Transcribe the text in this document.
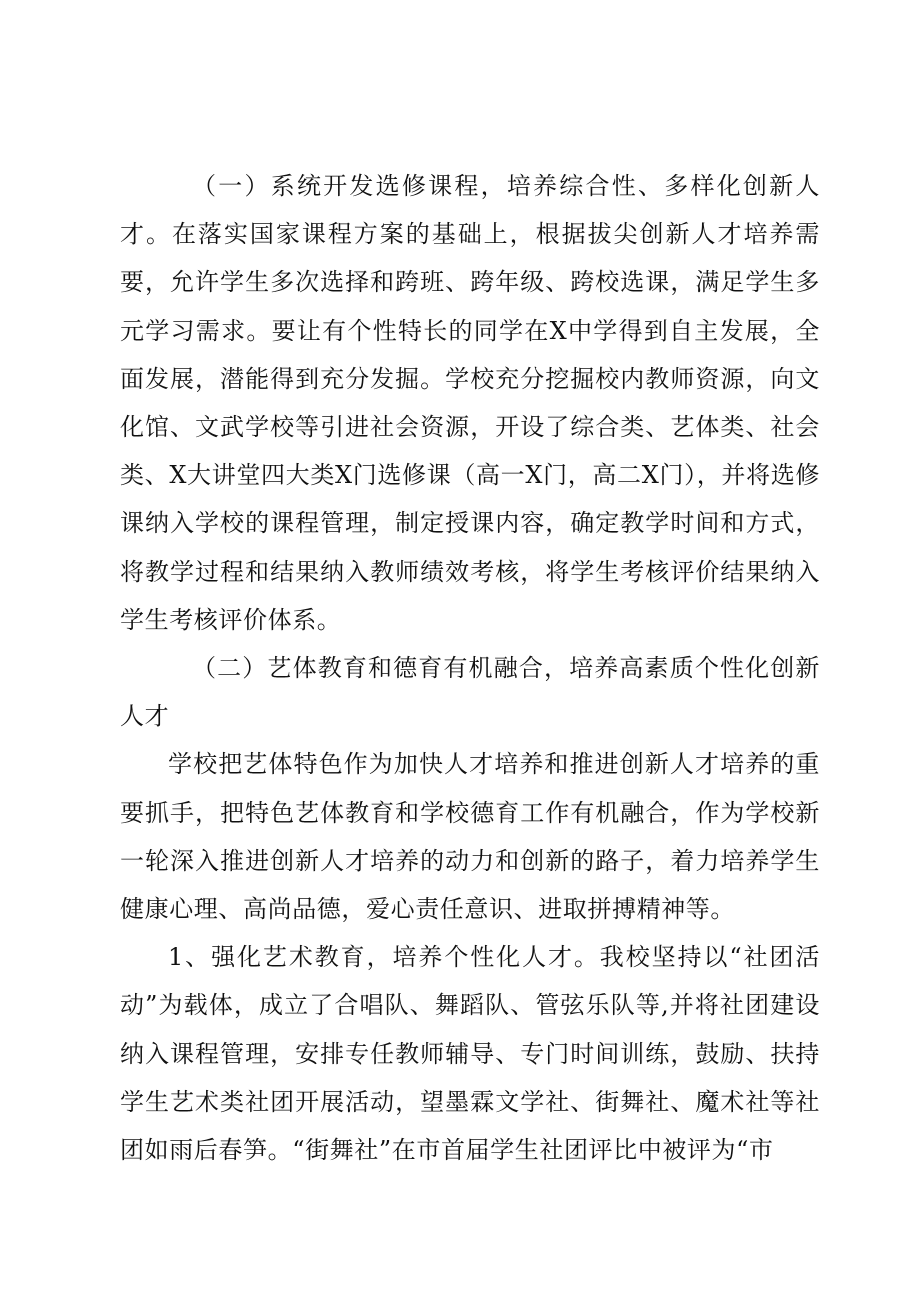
（一）系统开发选修课程，培养综合性、多样化创新人才。在落实国家课程方案的基础上，根据拔尖创新人才培养需要，允许学生多次选择和跨班、跨年级、跨校选课，满足学生多元学习需求。要让有个性特长的同学在X中学得到自主发展，全面发展，潜能得到充分发掘。学校充分挖掘校内教师资源，向文化馆、文武学校等引进社会资源，开设了综合类、艺体类、社会类、X大讲堂四大类X门选修课（高一X门，高二X门），并将选修课纳入学校的课程管理，制定授课内容，确定教学时间和方式，将教学过程和结果纳入教师绩效考核，将学生考核评价结果纳入学生考核评价体系。

（二）艺体教育和德育有机融合，培养高素质个性化创新人才

学校把艺体特色作为加快人才培养和推进创新人才培养的重要抓手，把特色艺体教育和学校德育工作有机融合，作为学校新一轮深入推进创新人才培养的动力和创新的路子，着力培养学生健康心理、高尚品德，爱心责任意识、进取拼搏精神等。

1、强化艺术教育，培养个性化人才。我校坚持以“社团活动”为载体，成立了合唱队、舞蹈队、管弦乐队等,并将社团建设纳入课程管理，安排专任教师辅导、专门时间训练，鼓励、扶持学生艺术类社团开展活动，望墨霖文学社、街舞社、魔术社等社团如雨后春笋。“街舞社”在市首届学生社团评比中被评为“市
